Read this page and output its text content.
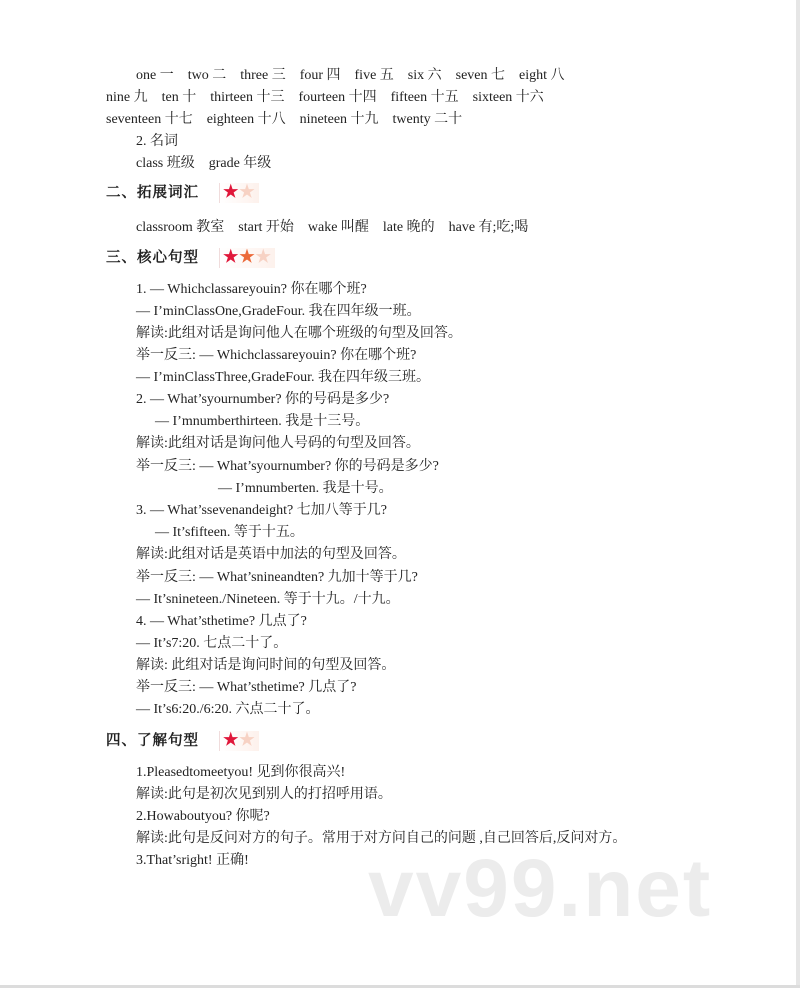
one 一    two 二    three 三    four 四    five 五    six 六    seven 七    eight 八
nine 九    ten 十    thirteen 十三    fourteen 十四    fifteen 十五    sixteen 十六
seventeen 十七    eighteen 十八    nineteen 十九    twenty 二十
2. 名词
class 班级    grade 年级
二、拓展词汇 ★★
classroom 教室    start 开始    wake 叫醒    late 晚的    have 有;吃;喝
三、核心句型 ★★★
1. — Whichclassareyouin? 你在哪个班?
— I’minClassOne,GradeFour. 我在四年级一班。
解读:此组对话是询问他人在哪个班级的句型及回答。
举一反三: — Whichclassareyouin? 你在哪个班?
— I’minClassThree,GradeFour. 我在四年级三班。
2. — What’syournumber? 你的号码是多少?
— I’mnumberthirteen. 我是十三号。
解读:此组对话是询问他人号码的句型及回答。
举一反三: — What’syournumber? 你的号码是多少?
— I’mnumberten. 我是十号。
3. — What’ssevenandeight? 七加八等于几?
— It’sfifteen. 等于十五。
解读:此组对话是英语中加法的句型及回答。
举一反三: — What’snineandten? 九加十等于几?
— It’snineteen./Nineteen. 等于十九。/十九。
4. — What’sthetime? 几点了?
— It’s7:20. 七点二十了。
解读: 此组对话是询问时间的句型及回答。
举一反三: — What’sthetime? 几点了?
— It’s6:20./6:20. 六点二十了。
四、了解句型 ★★
1.Pleasedtomeetyou! 见到你很高兴!
解读:此句是初次见到别人的打招呼用语。
2.Howaboutyou? 你呢?
解读:此句是反问对方的句子。常用于对方问自己的问题 ,自己回答后,反问对方。
3.That’sright! 正确! vv99.net
